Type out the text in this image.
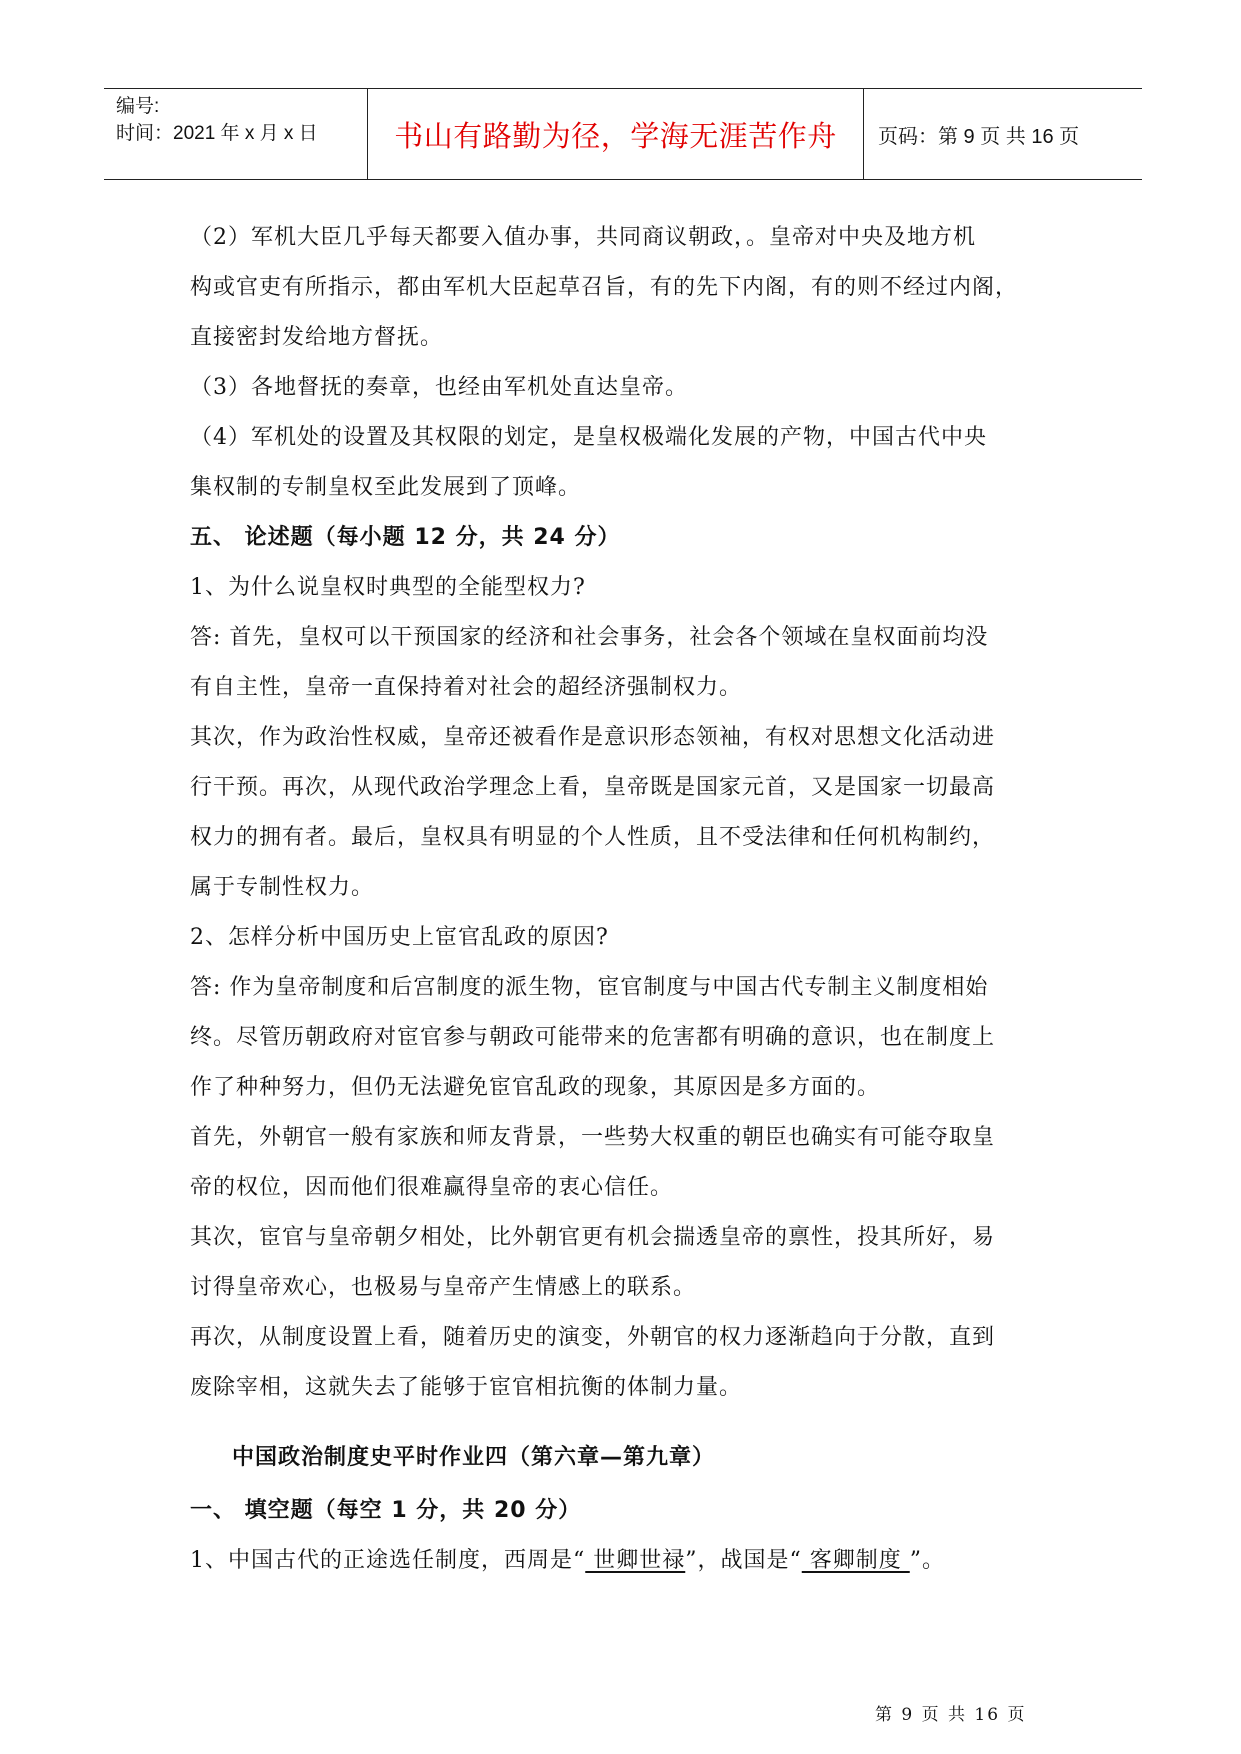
编号:
时间：2021 年 x 月 x 日	书山有路勤为径，学海无涯苦作舟 页码：第 9 页 共 16 页
（2）军机大臣几乎每天都要入值办事，共同商议朝政，。皇帝对中央及地方机
构或官吏有所指示，都由军机大臣起草召旨，有的先下内阁，有的则不经过内阁，
直接密封发给地方督抚。
（3）各地督抚的奏章，也经由军机处直达皇帝。
（4）军机处的设置及其权限的划定，是皇权极端化发展的产物，中国古代中央
集权制的专制皇权至此发展到了顶峰。
五、 论述题（每小题 12 分，共 24 分）
1、为什么说皇权时典型的全能型权力?
答: 首先，皇权可以干预国家的经济和社会事务，社会各个领域在皇权面前均没
有自主性，皇帝一直保持着对社会的超经济强制权力。
其次，作为政治性权威，皇帝还被看作是意识形态领袖，有权对思想文化活动进
行干预。再次，从现代政治学理念上看，皇帝既是国家元首，又是国家一切最高
权力的拥有者。最后，皇权具有明显的个人性质，且不受法律和任何机构制约，
属于专制性权力。
2、怎样分析中国历史上宦官乱政的原因?
答: 作为皇帝制度和后宫制度的派生物，宦官制度与中国古代专制主义制度相始
终。尽管历朝政府对宦官参与朝政可能带来的危害都有明确的意识，也在制度上
作了种种努力，但仍无法避免宦官乱政的现象，其原因是多方面的。
首先，外朝官一般有家族和师友背景，一些势大权重的朝臣也确实有可能夺取皇
帝的权位，因而他们很难赢得皇帝的衷心信任。
其次，宦官与皇帝朝夕相处，比外朝官更有机会揣透皇帝的禀性，投其所好，易
讨得皇帝欢心，也极易与皇帝产生情感上的联系。
再次，从制度设置上看，随着历史的演变，外朝官的权力逐渐趋向于分散，直到
废除宰相，这就失去了能够于宦官相抗衡的体制力量。
中国政治制度史平时作业四（第六章—第九章）
一、 填空题（每空 1 分，共 20 分）
1、中国古代的正途选任制度，西周是“ 世卿世禄”，战国是“ 客卿制度 ”。
第 9 页 共 16 页
